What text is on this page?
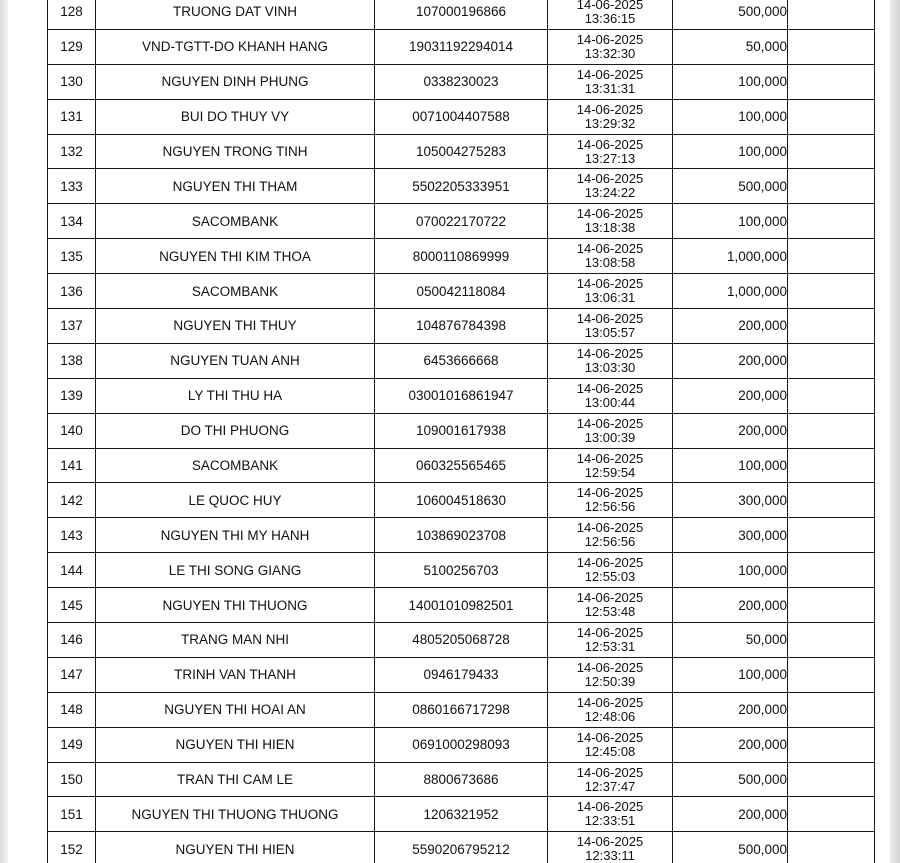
128	TRUONG DAT VINH	107000196866	14-06-2025
13:36:15	500,000	
129	VND-TGTT-DO KHANH HANG	19031192294014	14-06-2025
13:32:30	50,000	
130	NGUYEN DINH PHUNG	0338230023	14-06-2025
13:31:31	100,000	
131	BUI DO THUY VY	0071004407588	14-06-2025
13:29:32	100,000	
132	NGUYEN TRONG TINH	105004275283	14-06-2025
13:27:13	100,000	
133	NGUYEN THI THAM	5502205333951	14-06-2025
13:24:22	500,000	
134	SACOMBANK	070022170722	14-06-2025
13:18:38	100,000	
135	NGUYEN THI KIM THOA	8000110869999	14-06-2025
13:08:58	1,000,000	
136	SACOMBANK	050042118084	14-06-2025
13:06:31	1,000,000	
137	NGUYEN THI THUY	104876784398	14-06-2025
13:05:57	200,000	
138	NGUYEN TUAN ANH	6453666668	14-06-2025
13:03:30	200,000	
139	LY THI THU HA	03001016861947	14-06-2025
13:00:44	200,000	
140	DO THI PHUONG	109001617938	14-06-2025
13:00:39	200,000	
141	SACOMBANK	060325565465	14-06-2025
12:59:54	100,000	
142	LE QUOC HUY	106004518630	14-06-2025
12:56:56	300,000	
143	NGUYEN THI MY HANH	103869023708	14-06-2025
12:56:56	300,000	
144	LE THI SONG GIANG	5100256703	14-06-2025
12:55:03	100,000	
145	NGUYEN THI THUONG	14001010982501	14-06-2025
12:53:48	200,000	
146	TRANG MAN NHI	4805205068728	14-06-2025
12:53:31	50,000	
147	TRINH VAN THANH	0946179433	14-06-2025
12:50:39	100,000	
148	NGUYEN THI HOAI AN	0860166717298	14-06-2025
12:48:06	200,000	
149	NGUYEN THI HIEN	0691000298093	14-06-2025
12:45:08	200,000	
150	TRAN THI CAM LE	8800673686	14-06-2025
12:37:47	500,000	
151	NGUYEN THI THUONG THUONG	1206321952	14-06-2025
12:33:51	200,000	
152	NGUYEN THI HIEN	5590206795212	14-06-2025
12:33:11	500,000	
